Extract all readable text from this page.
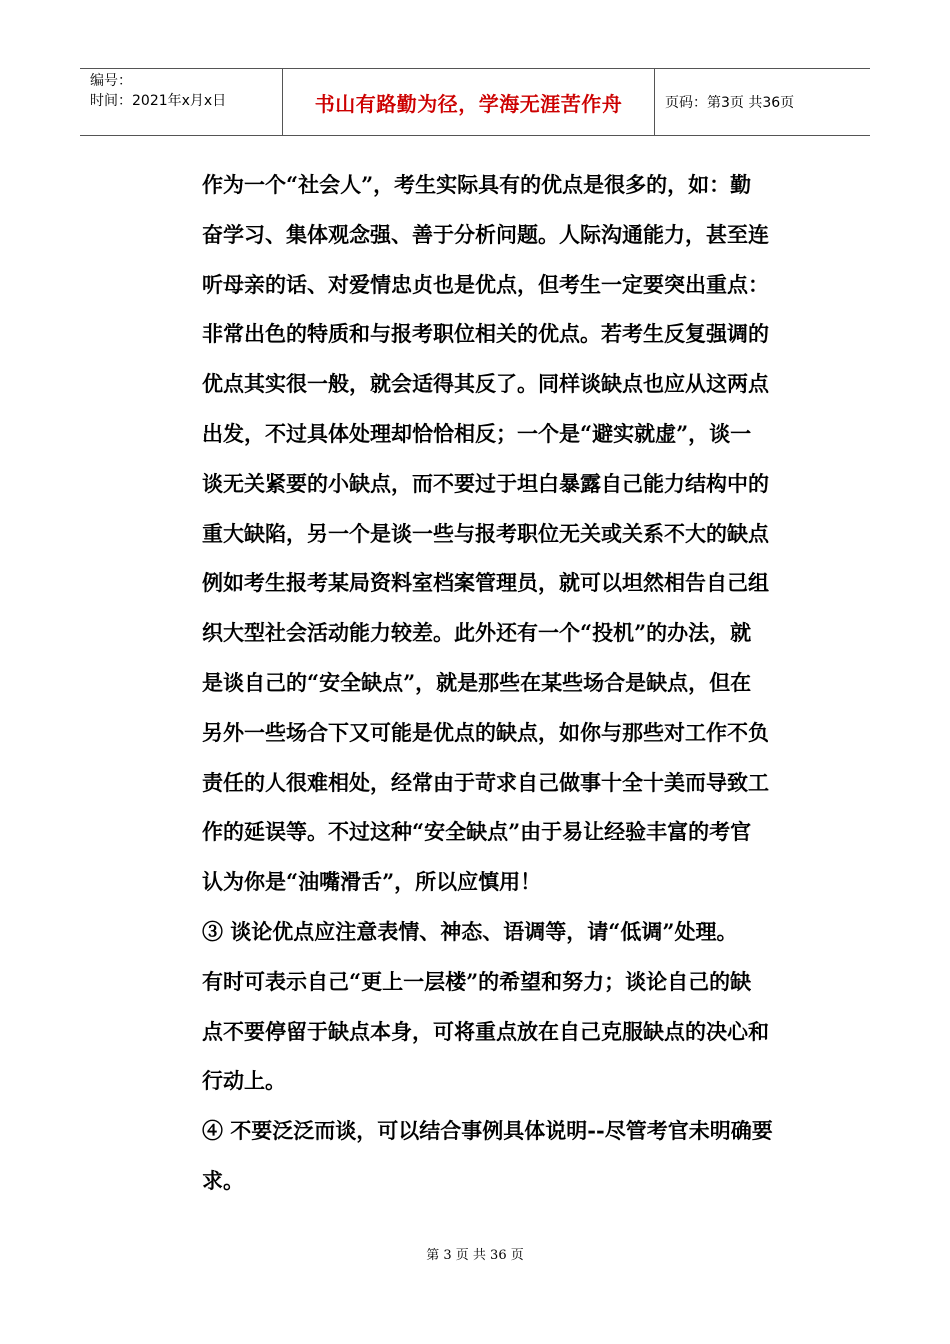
编号：
时间：2021年x月x日	书山有路勤为径，学海无涯苦作舟	页码：第3页 共36页
作为一个“社会人”，考生实际具有的优点是很多的，如：勤
奋学习、集体观念强、善于分析问题。人际沟通能力，甚至连
听母亲的话、对爱情忠贞也是优点，但考生一定要突出重点：
非常出色的特质和与报考职位相关的优点。若考生反复强调的
优点其实很一般，就会适得其反了。同样谈缺点也应从这两点
出发，不过具体处理却恰恰相反；一个是“避实就虚”，谈一
谈无关紧要的小缺点，而不要过于坦白暴露自己能力结构中的
重大缺陷，另一个是谈一些与报考职位无关或关系不大的缺点
例如考生报考某局资料室档案管理员，就可以坦然相告自己组
织大型社会活动能力较差。此外还有一个“投机”的办法，就
是谈自己的“安全缺点”，就是那些在某些场合是缺点，但在
另外一些场合下又可能是优点的缺点，如你与那些对工作不负
责任的人很难相处，经常由于苛求自己做事十全十美而导致工
作的延误等。不过这种“安全缺点”由于易让经验丰富的考官
认为你是“油嘴滑舌”，所以应慎用！
③ 谈论优点应注意表情、神态、语调等，请“低调”处理。
有时可表示自己“更上一层楼”的希望和努力；谈论自己的缺
点不要停留于缺点本身，可将重点放在自己克服缺点的决心和
行动上。
④ 不要泛泛而谈，可以结合事例具体说明--尽管考官未明确要
求。
第 3 页 共 36 页
